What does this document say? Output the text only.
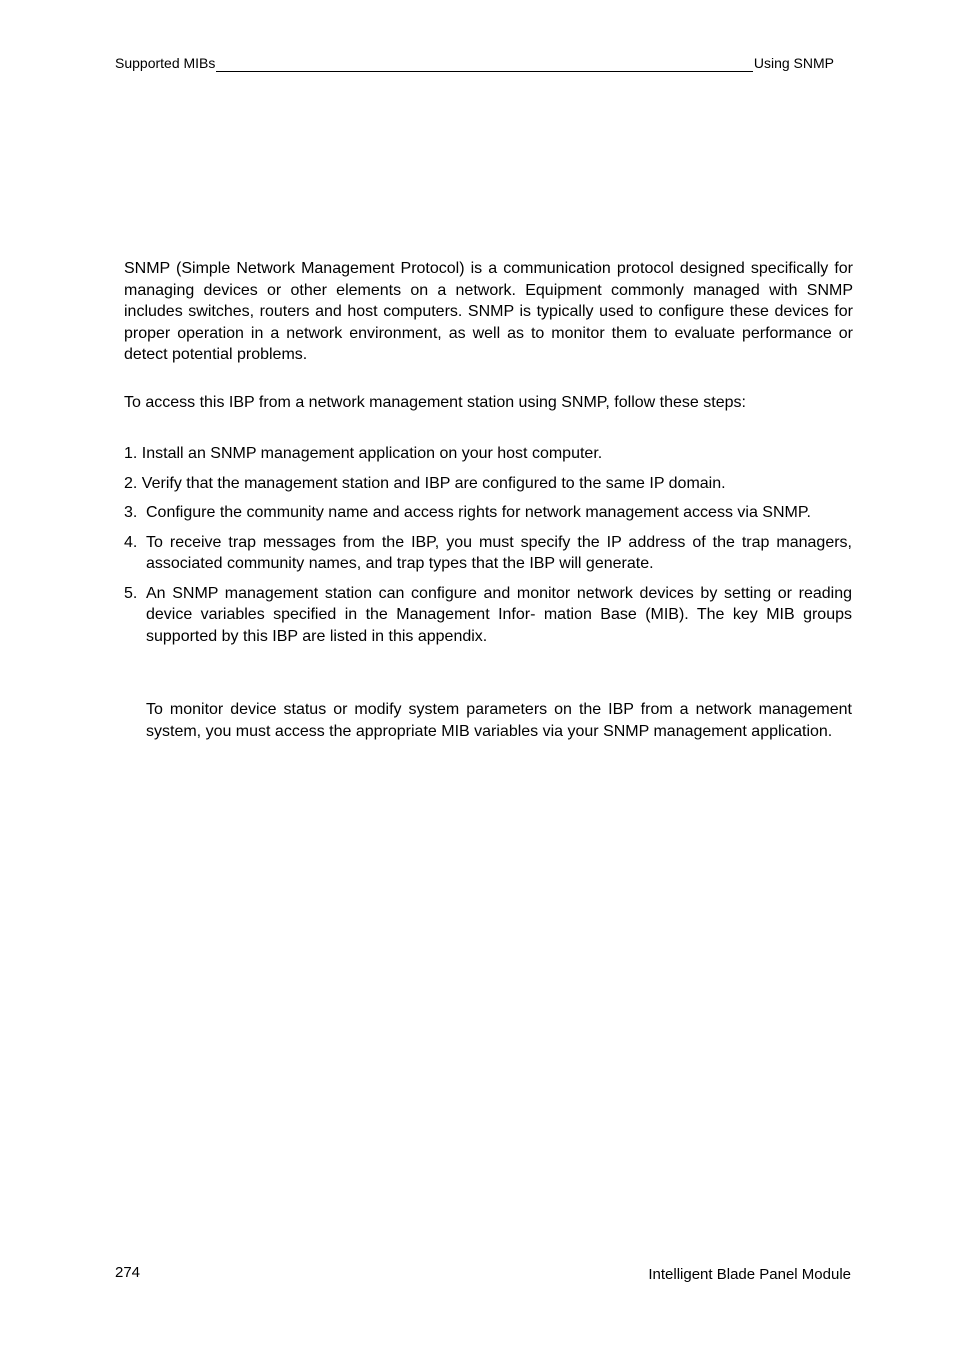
Supported MIBs	Using SNMP

SNMP (Simple Network Management Protocol) is a communication protocol designed specifically for managing devices or other elements on a network. Equipment commonly managed with SNMP includes switches, routers and host computers. SNMP is typically used to configure these devices for proper operation in a network environment, as well as to monitor them to evaluate performance or detect potential problems.

To access this IBP from a network management station using SNMP, follow these steps:

1. Install an SNMP management application on your host computer.
2. Verify that the management station and IBP are configured to the same IP domain.
3. Configure the community name and access rights for network management access via SNMP.
4. To receive trap messages from the IBP, you must specify the IP address of the trap managers, associated community names, and trap types that the IBP will generate.
5. An SNMP management station can configure and monitor network devices by setting or reading device variables specified in the Management Infor- mation Base (MIB). The key MIB groups supported by this IBP are listed in this appendix.

To monitor device status or modify system parameters on the IBP from a network management system, you must access the appropriate MIB variables via your SNMP management application.

274	Intelligent Blade Panel Module
